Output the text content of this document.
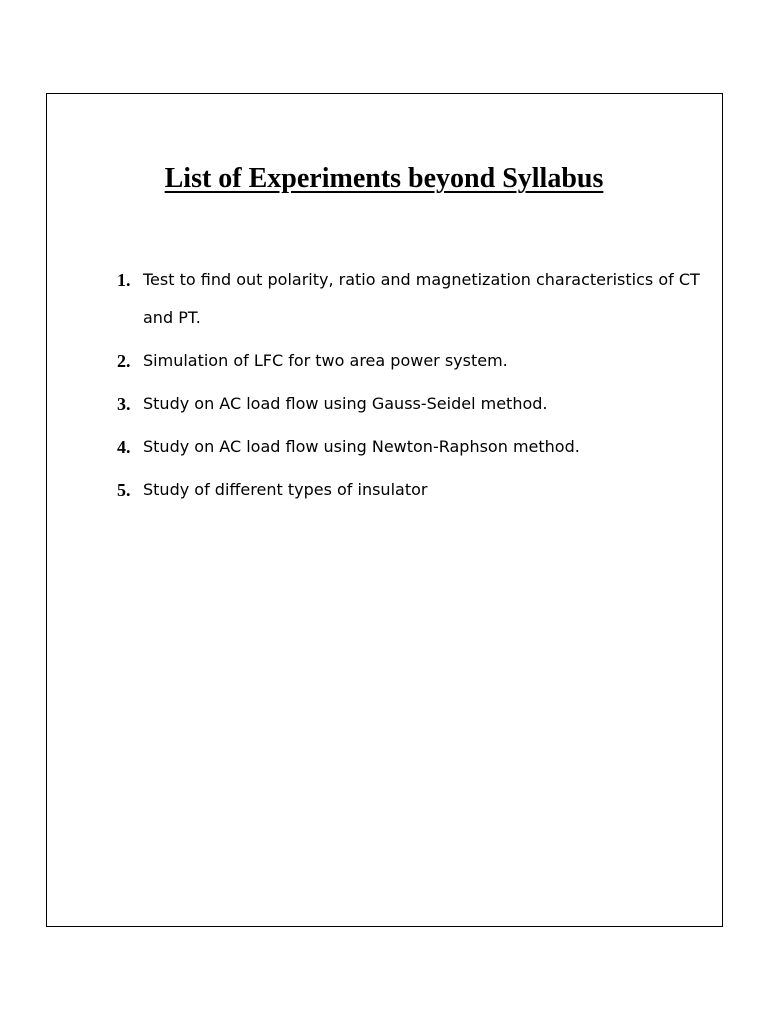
List of Experiments beyond Syllabus
1. Test to find out polarity, ratio and magnetization characteristics of CT and PT.
2. Simulation of LFC for two area power system.
3. Study on AC load flow using Gauss-Seidel method.
4. Study on AC load flow using Newton-Raphson method.
5. Study of different types of insulator
